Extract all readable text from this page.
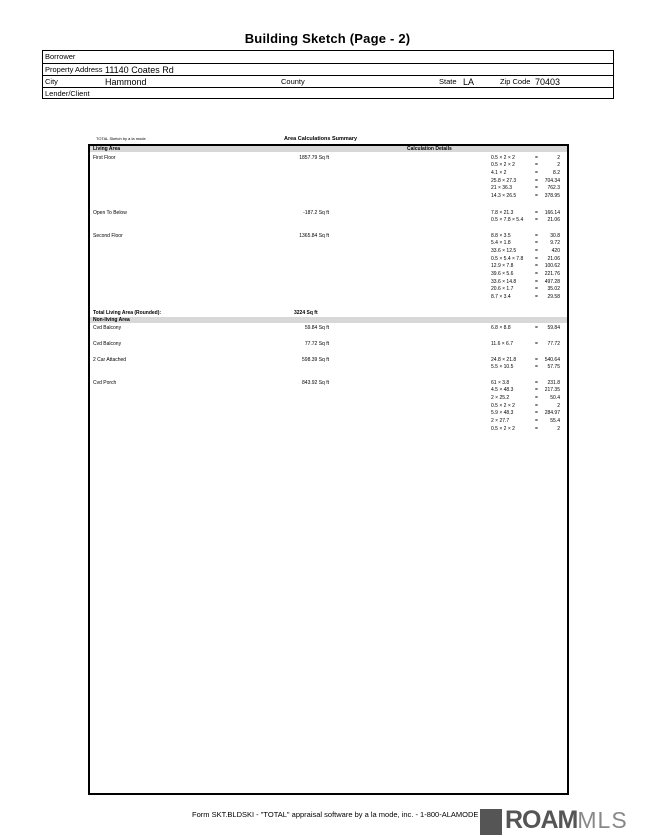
Building Sketch (Page - 2)
Borrower
Property Address 11140 Coates Rd
City	Hammond	County	State LA	Zip Code 70403
Lender/Client
TOTAL Sketch by a la mode	Area Calculations Summary
Living Area	Calculation Details
First Floor	1857.79 Sq ft	0.5 × 2 × 2	=	2
0.5 × 2 × 2	=	2
4.1 × 2	=	8.2
25.8 × 27.3	= 704.34
21 × 36.3	= 762.3
14.3 × 26.5	= 378.95
Open To Below	-187.2 Sq ft	7.8 × 21.3	= 166.14
0.5 × 7.8 × 5.4 = 21.06
Second Floor	1365.84 Sq ft	8.8 × 3.5	= 30.8
5.4 × 1.8	= 9.72
33.6 × 12.5	=	420
0.5 × 5.4 × 7.8 = 21.06
12.9 × 7.8	= 100.62
39.6 × 5.6	= 221.76
33.6 × 14.8	= 497.28
20.6 × 1.7	= 35.02
8.7 × 3.4	= 29.58
Cvd Balcony	59.84 Sq ft	6.8 × 8.8	= 59.84
Cvd Balcony	77.72 Sq ft	11.6 × 6.7	= 77.72
2 Car Attached	598.39 Sq ft	24.8 × 21.8	= 540.64
5.5 × 10.5	= 57.75
Cvd Porch	843.92 Sq ft	61 × 3.8	= 231.8
4.5 × 48.3	= 217.35
2 × 25.2	= 50.4
0.5 × 2 × 2	=	2
5.9 × 48.3	= 284.97
2 × 27.7	= 55.4
0.5 × 2 × 2	=	2
Total Living Area (Rounded):	3224 Sq ft
Non-living Area
Form SKT.BLDSKI - "TOTAL" appraisal software by a la mode, inc. - 1-800-ALAMODE ROAMMLS
